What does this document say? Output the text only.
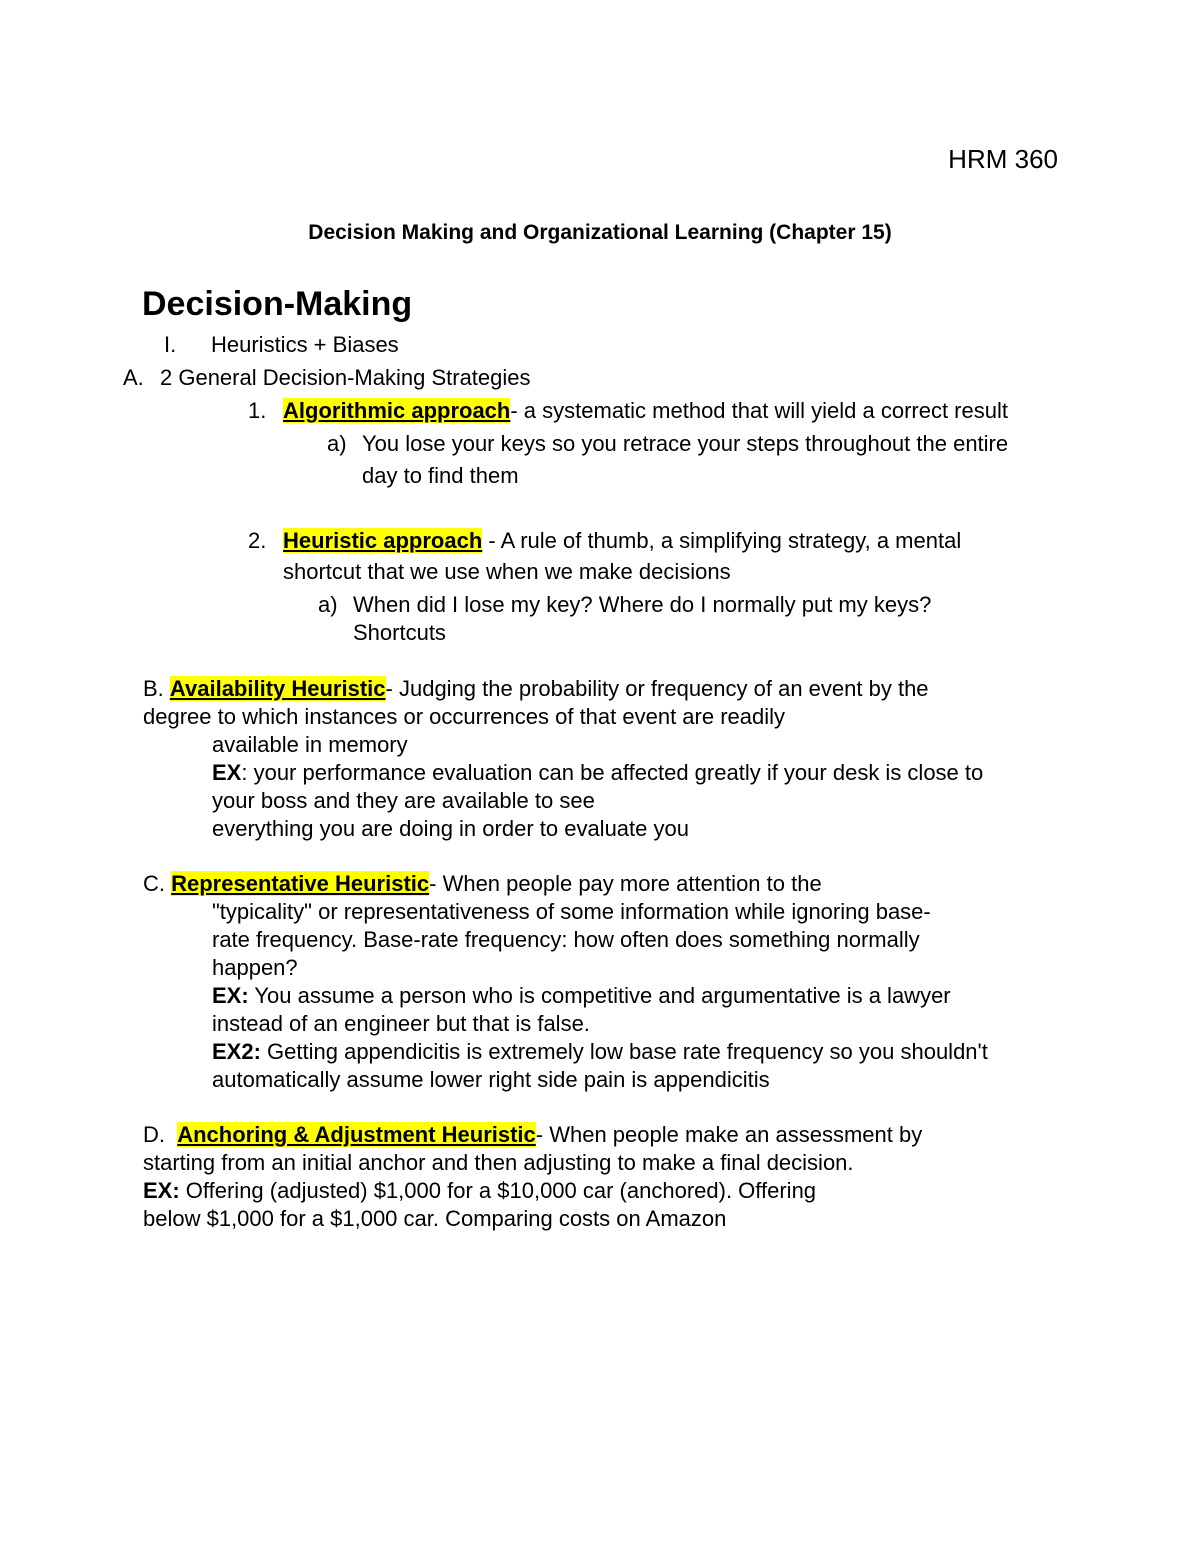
HRM 360
Decision Making and Organizational Learning (Chapter 15)
Decision-Making
I. Heuristics + Biases
A. 2 General Decision-Making Strategies
1. Algorithmic approach- a systematic method that will yield a correct result
a) You lose your keys so you retrace your steps throughout the entire
day to find them
2. Heuristic approach - A rule of thumb, a simplifying strategy, a mental
shortcut that we use when we make decisions
a) When did I lose my key? Where do I normally put my keys?
Shortcuts
B. Availability Heuristic- Judging the probability or frequency of an event by the
degree to which instances or occurrences of that event are readily
available in memory
EX: your performance evaluation can be affected greatly if your desk is close to
your boss and they are available to see
everything you are doing in order to evaluate you
C. Representative Heuristic- When people pay more attention to the
"typicality" or representativeness of some information while ignoring base-
rate frequency. Base-rate frequency: how often does something normally
happen?
EX: You assume a person who is competitive and argumentative is a lawyer
instead of an engineer but that is false.
EX2: Getting appendicitis is extremely low base rate frequency so you shouldn't
automatically assume lower right side pain is appendicitis
D. Anchoring & Adjustment Heuristic- When people make an assessment by
starting from an initial anchor and then adjusting to make a final decision.
EX: Offering (adjusted) $1,000 for a $10,000 car (anchored). Offering
below $1,000 for a $1,000 car. Comparing costs on Amazon
